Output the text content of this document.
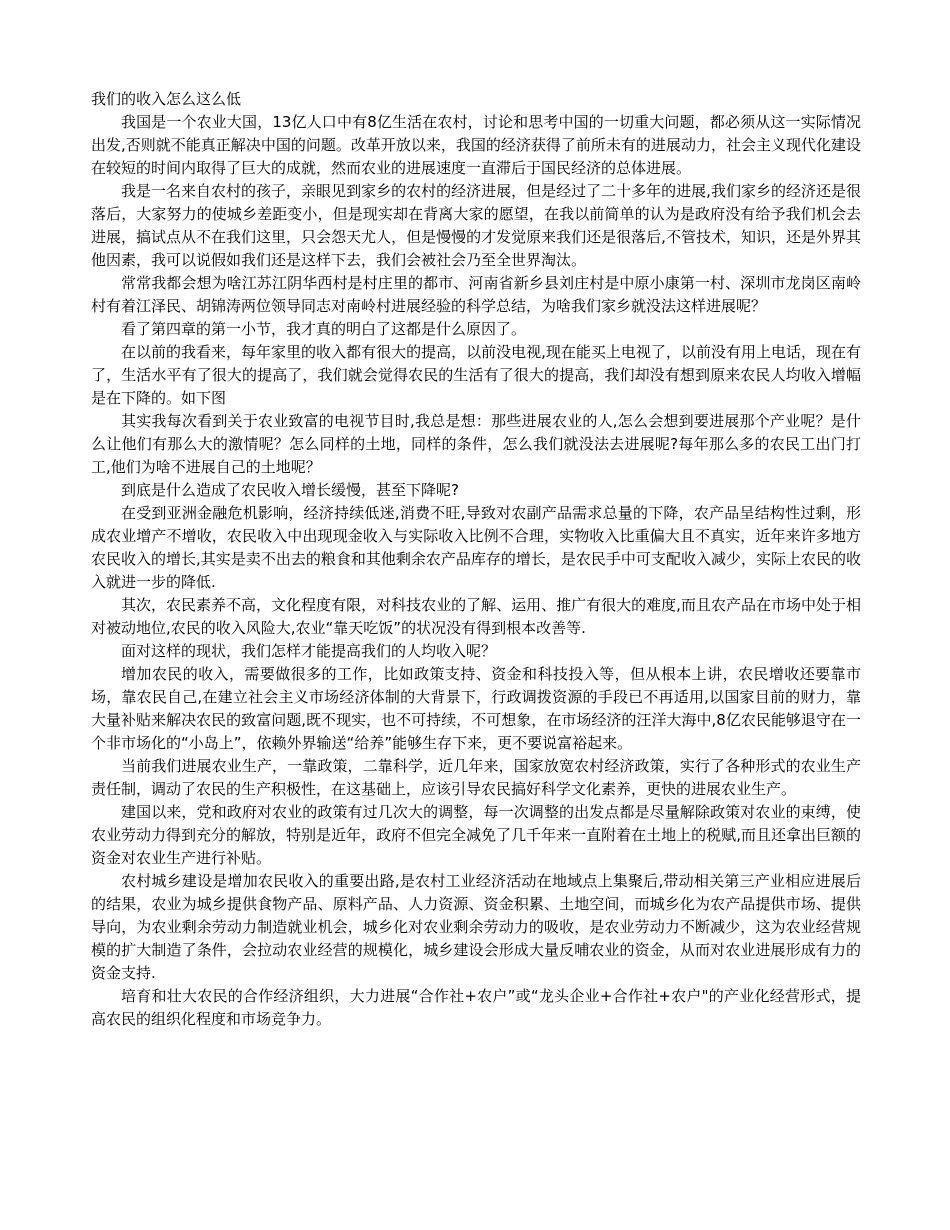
我们的收入怎么这么低

我国是一个农业大国，13亿人口中有8亿生活在农村，讨论和思考中国的一切重大问题，都必须从这一实际情况出发,否则就不能真正解决中国的问题。改革开放以来，我国的经济获得了前所未有的进展动力，社会主义现代化建设在较短的时间内取得了巨大的成就，然而农业的进展速度一直滞后于国民经济的总体进展。

我是一名来自农村的孩子，亲眼见到家乡的农村的经济进展，但是经过了二十多年的进展,我们家乡的经济还是很落后，大家努力的使城乡差距变小，但是现实却在背离大家的愿望，在我以前简单的认为是政府没有给予我们机会去进展，搞试点从不在我们这里，只会怨天尤人，但是慢慢的才发觉原来我们还是很落后,不管技术，知识，还是外界其他因素，我可以说假如我们还是这样下去，我们会被社会乃至全世界淘汰。

常常我都会想为啥江苏江阴华西村是村庄里的都市、河南省新乡县刘庄村是中原小康第一村、深圳市龙岗区南岭村有着江泽民、胡锦涛两位领导同志对南岭村进展经验的科学总结，为啥我们家乡就没法这样进展呢？

看了第四章的第一小节，我才真的明白了这都是什么原因了。

在以前的我看来，每年家里的收入都有很大的提高，以前没电视,现在能买上电视了，以前没有用上电话，现在有了，生活水平有了很大的提高了，我们就会觉得农民的生活有了很大的提高，我们却没有想到原来农民人均收入增幅是在下降的。如下图

其实我每次看到关于农业致富的电视节目时,我总是想：那些进展农业的人,怎么会想到要进展那个产业呢？是什么让他们有那么大的激情呢？怎么同样的土地，同样的条件，怎么我们就没法去进展呢?每年那么多的农民工出门打工,他们为啥不进展自己的土地呢？

到底是什么造成了农民收入增长缓慢，甚至下降呢?

在受到亚洲金融危机影响，经济持续低迷,消费不旺,导致对农副产品需求总量的下降，农产品呈结构性过剩，形成农业增产不增收，农民收入中出现现金收入与实际收入比例不合理，实物收入比重偏大且不真实，近年来许多地方农民收入的增长,其实是卖不出去的粮食和其他剩余农产品库存的增长，是农民手中可支配收入减少，实际上农民的收入就进一步的降低.

其次，农民素养不高，文化程度有限，对科技农业的了解、运用、推广有很大的难度,而且农产品在市场中处于相对被动地位,农民的收入风险大,农业“靠天吃饭”的状况没有得到根本改善等.

面对这样的现状，我们怎样才能提高我们的人均收入呢？

增加农民的收入，需要做很多的工作，比如政策支持、资金和科技投入等，但从根本上讲，农民增收还要靠市场，靠农民自己,在建立社会主义市场经济体制的大背景下，行政调拨资源的手段已不再适用,以国家目前的财力，靠大量补贴来解决农民的致富问题,既不现实，也不可持续，不可想象，在市场经济的汪洋大海中,8亿农民能够退守在一个非市场化的“小岛上”，依赖外界输送“给养”能够生存下来，更不要说富裕起来。

当前我们进展农业生产，一靠政策，二靠科学，近几年来，国家放宽农村经济政策，实行了各种形式的农业生产责任制，调动了农民的生产积极性，在这基础上，应该引导农民搞好科学文化素养，更快的进展农业生产。

建国以来，党和政府对农业的政策有过几次大的调整，每一次调整的出发点都是尽量解除政策对农业的束缚，使农业劳动力得到充分的解放，特别是近年，政府不但完全减免了几千年来一直附着在土地上的税赋,而且还拿出巨额的资金对农业生产进行补贴。

农村城乡建设是增加农民收入的重要出路,是农村工业经济活动在地域点上集聚后,带动相关第三产业相应进展后的结果，农业为城乡提供食物产品、原料产品、人力资源、资金积累、土地空间，而城乡化为农产品提供市场、提供导向，为农业剩余劳动力制造就业机会，城乡化对农业剩余劳动力的吸收，是农业劳动力不断减少，这为农业经营规模的扩大制造了条件，会拉动农业经营的规模化，城乡建设会形成大量反哺农业的资金，从而对农业进展形成有力的资金支持.

培育和壮大农民的合作经济组织，大力进展“合作社+农户”或“龙头企业+合作社+农户"的产业化经营形式，提高农民的组织化程度和市场竞争力。
